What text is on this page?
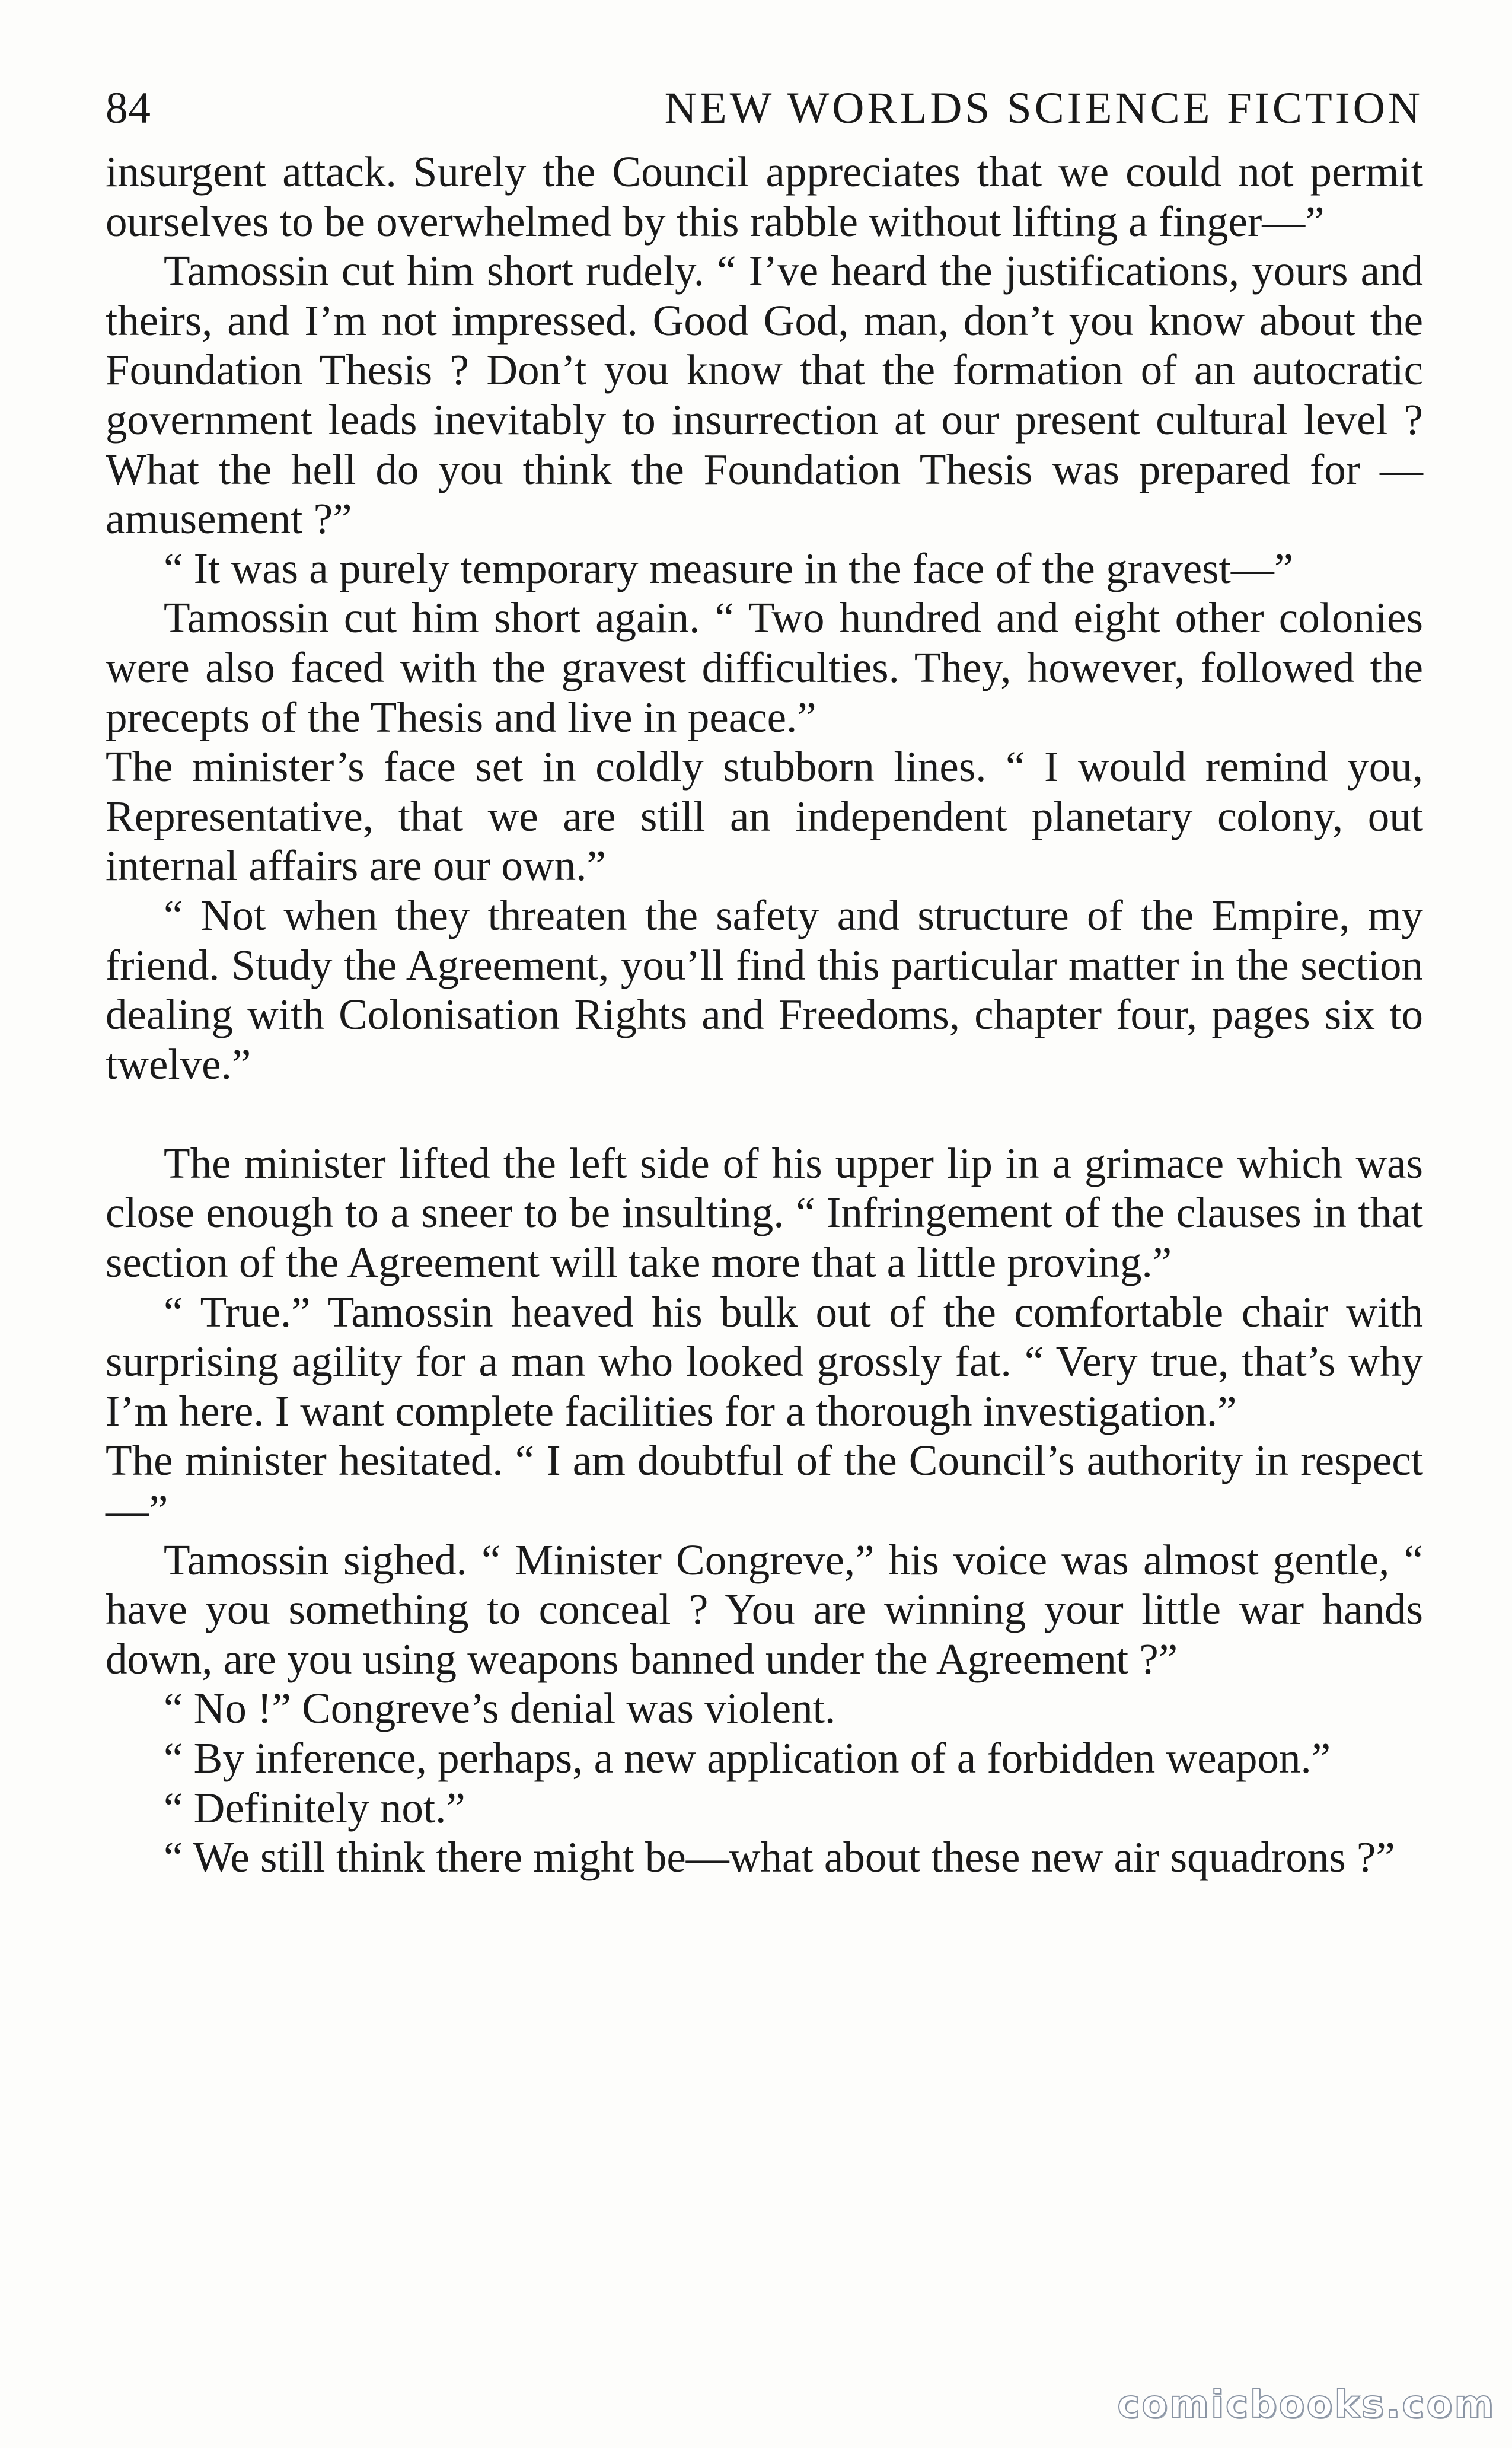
84	NEW WORLDS SCIENCE FICTION

insurgent attack. Surely the Council appreciates that we could not permit ourselves to be overwhelmed by this rabble without lifting a finger—”

Tamossin cut him short rudely. “ I’ve heard the justifications, yours and theirs, and I’m not impressed. Good God, man, don’t you know about the Foundation Thesis ? Don’t you know that the formation of an autocratic government leads inevitably to insurrection at our present cultural level ? What the hell do you think the Foundation Thesis was prepared for —amusement ?”

“ It was a purely temporary measure in the face of the gravest—”

Tamossin cut him short again. “ Two hundred and eight other colonies were also faced with the gravest difficulties. They, however, followed the precepts of the Thesis and live in peace.”

The minister’s face set in coldly stubborn lines. “ I would remind you, Representative, that we are still an independent planetary colony, out internal affairs are our own.”

“ Not when they threaten the safety and structure of the Empire, my friend. Study the Agreement, you’ll find this particular matter in the section dealing with Colonisation Rights and Freedoms, chapter four, pages six to twelve.”

The minister lifted the left side of his upper lip in a grimace which was close enough to a sneer to be insulting. “ Infringement of the clauses in that section of the Agreement will take more that a little proving.”

“ True.” Tamossin heaved his bulk out of the comfortable chair with surprising agility for a man who looked grossly fat. “ Very true, that’s why I’m here. I want complete facilities for a thorough investigation.”

The minister hesitated. “ I am doubtful of the Council’s authority in respect—”

Tamossin sighed. “ Minister Congreve,” his voice was almost gentle, “ have you something to conceal ? You are winning your little war hands down, are you using weapons banned under the Agreement ?”

“ No !” Congreve’s denial was violent.

“ By inference, perhaps, a new application of a forbidden weapon.”

“ Definitely not.”

“ We still think there might be—what about these new air squadrons ?”

comicbooks.com
